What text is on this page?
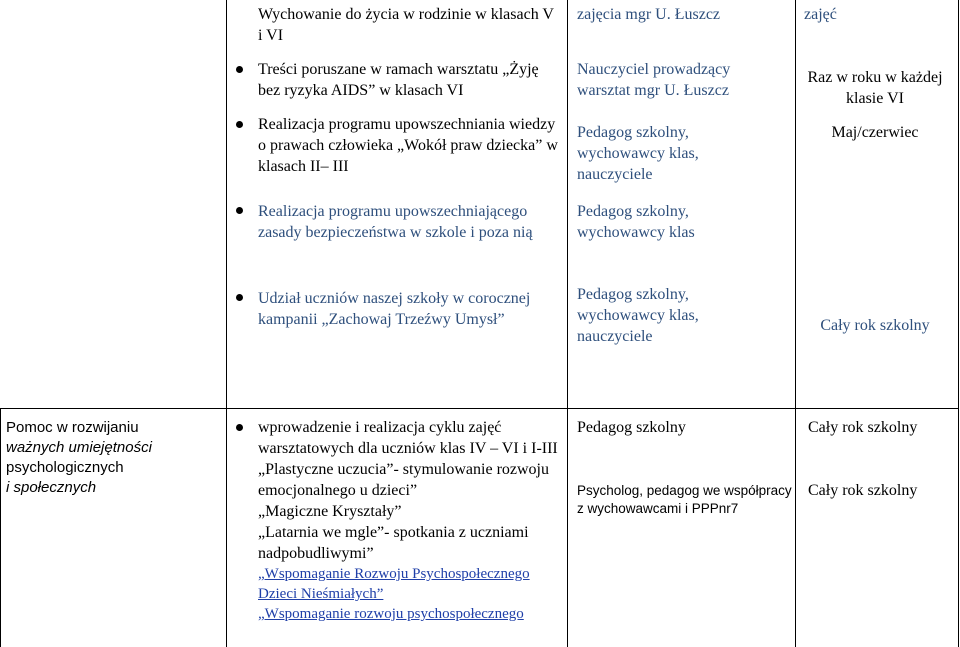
Wychowanie do życia w rodzinie w klasach V i VI
zajęcia mgr U. Łuszcz	zajęć
Treści poruszane w ramach warsztatu „Żyję bez ryzyka AIDS” w klasach VI
Nauczyciel prowadzący warsztat mgr U. Łuszcz
Raz w roku w każdej klasie VI
Realizacja programu upowszechniania wiedzy o prawach człowieka „Wokół praw dziecka” w klasach II– III
Pedagog szkolny, wychowawcy klas, nauczyciele
Maj/czerwiec
Realizacja programu upowszechniającego zasady bezpieczeństwa w szkole i poza nią
Pedagog szkolny, wychowawcy klas
Udział uczniów naszej szkoły w corocznej kampanii „Zachowaj Trzeźwy Umysł”
Pedagog szkolny, wychowawcy klas, nauczyciele
Cały rok szkolny
Pomoc w rozwijaniu
ważnych umiejętności
psychologicznych
i społecznych
wprowadzenie i realizacja cyklu zajęć warsztatowych dla uczniów klas IV – VI i I-III
„Plastyczne uczucia”- stymulowanie rozwoju emocjonalnego u dzieci”
„Magiczne Kryształy”
„Latarnia we mgle”- spotkania z uczniami nadpobudliwymi”
„Wspomaganie Rozwoju Psychospołecznego Dzieci Nieśmiałych”
„Wspomaganie rozwoju psychospołecznego
Pedagog szkolny
Psycholog, pedagog we współpracy z wychowawcami i PPPnr7
Cały rok szkolny
Cały rok szkolny
